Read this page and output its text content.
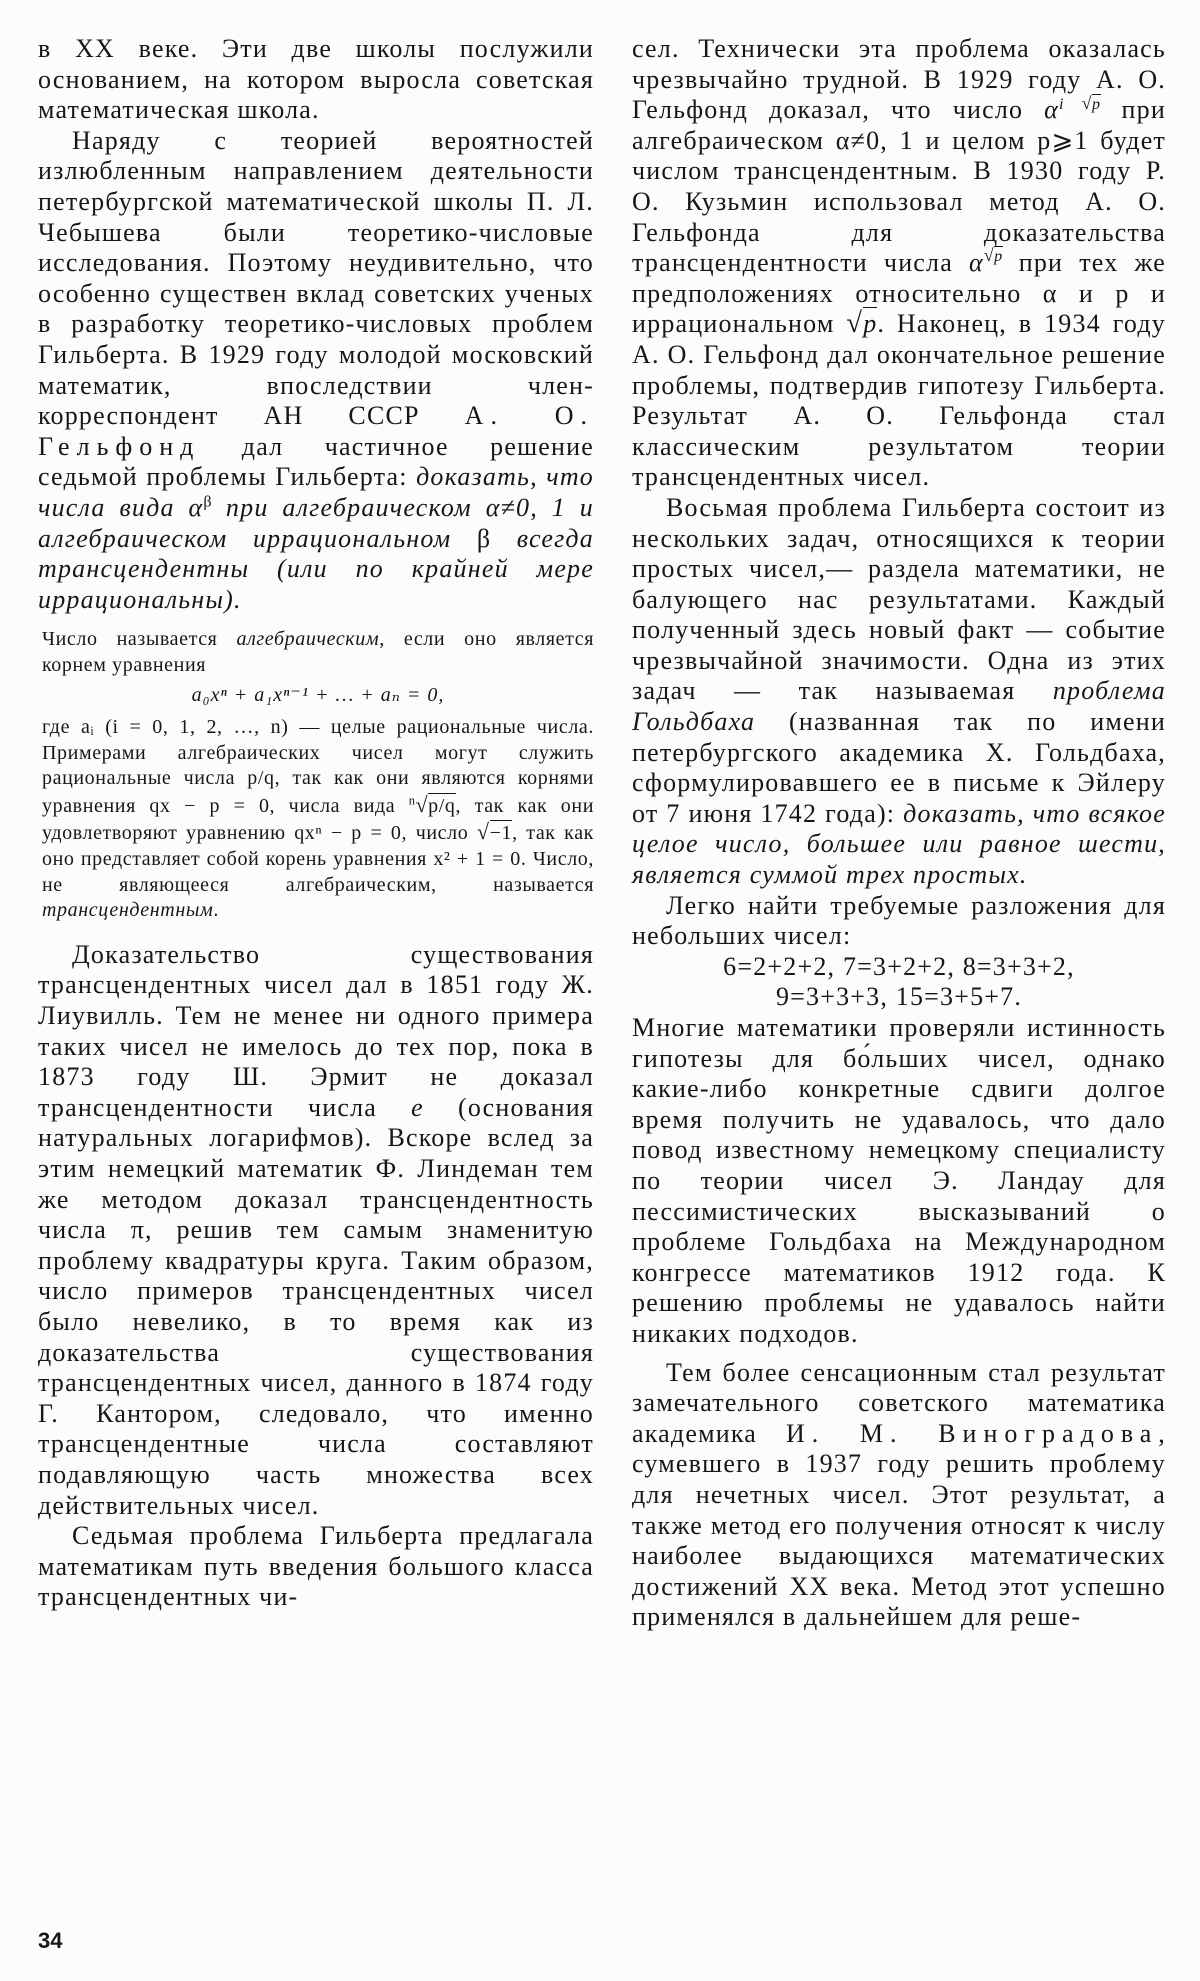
в XX веке. Эти две школы послужили основанием, на котором выросла советская математическая школа.

Наряду с теорией вероятностей излюбленным направлением деятельности петербургской математической школы П. Л. Чебышева были теоретико-числовые исследования. Поэтому неудивительно, что особенно существен вклад советских ученых в разработку теоретико-числовых проблем Гильберта. В 1929 году молодой московский математик, впоследствии член-корреспондент АН СССР А. О. Гельфонд дал частичное решение седьмой проблемы Гильберта: доказать, что числа вида $\alpha^\beta$ при алгебраическом α≠0, 1 и алгебраическом иррациональном β всегда трансцендентны (или по крайней мере иррациональны).

Число называется алгебраическим, если оно является корнем уравнения

a₀xⁿ + a₁xⁿ⁻¹ + … + aₙ = 0,

где aᵢ (i = 0, 1, 2, …, n) — целые рациональные числа. Примерами алгебраических чисел могут служить рациональные числа p/q, так как они являются корнями уравнения qx − p = 0, числа вида $^n$√p/q, так как они удовлетворяют уравнению qxⁿ − p = 0, число √−1, так как оно представляет собой корень уравнения x² + 1 = 0. Число, не являющееся алгебраическим, называется трансцендентным.

Доказательство существования трансцендентных чисел дал в 1851 году Ж. Лиувилль. Тем не менее ни одного примера таких чисел не имелось до тех пор, пока в 1873 году Ш. Эрмит не доказал трансцендентности числа e (основания натуральных логарифмов). Вскоре вслед за этим немецкий математик Ф. Линдеман тем же методом доказал трансцендентность числа π, решив тем самым знаменитую проблему квадратуры круга. Таким образом, число примеров трансцендентных чисел было невелико, в то время как из доказательства существования трансцендентных чисел, данного в 1874 году Г. Кантором, следовало, что именно трансцендентные числа составляют подавляющую часть множества всех действительных чисел.

Седьмая проблема Гильберта предлагала математикам путь введения большого класса трансцендентных чи-

сел. Технически эта проблема оказалась чрезвычайно трудной. В 1929 году А. О. Гельфонд доказал, что число $\alpha^{i √p}$ при алгебраическом α≠0, 1 и целом p⩾1 будет числом трансцендентным. В 1930 году Р. О. Кузьмин использовал метод А. О. Гельфонда для доказательства трансцендентности числа $\alpha^{√p}$ при тех же предположениях относительно α и p и иррациональном √p. Наконец, в 1934 году А. О. Гельфонд дал окончательное решение проблемы, подтвердив гипотезу Гильберта. Результат А. О. Гельфонда стал классическим результатом теории трансцендентных чисел.

Восьмая проблема Гильберта состоит из нескольких задач, относящихся к теории простых чисел,— раздела математики, не балующего нас результатами. Каждый полученный здесь новый факт — событие чрезвычайной значимости. Одна из этих задач — так называемая проблема Гольдбаха (названная так по имени петербургского академика Х. Гольдбаха, сформулировавшего ее в письме к Эйлеру от 7 июня 1742 года): доказать, что всякое целое число, большее или равное шести, является суммой трех простых.

Легко найти требуемые разложения для небольших чисел:

6=2+2+2, 7=3+2+2, 8=3+3+2,
9=3+3+3, 15=3+5+7.

Многие математики проверяли истинность гипотезы для бо́льших чисел, однако какие-либо конкретные сдвиги долгое время получить не удавалось, что дало повод известному немецкому специалисту по теории чисел Э. Ландау для пессимистических высказываний о проблеме Гольдбаха на Международном конгрессе математиков 1912 года. К решению проблемы не удавалось найти никаких подходов.

Тем более сенсационным стал результат замечательного советского математика академика И. М. Виноградова, сумевшего в 1937 году решить проблему для нечетных чисел. Этот результат, а также метод его получения относят к числу наиболее выдающихся математических достижений XX века. Метод этот успешно применялся в дальнейшем для реше-

34
